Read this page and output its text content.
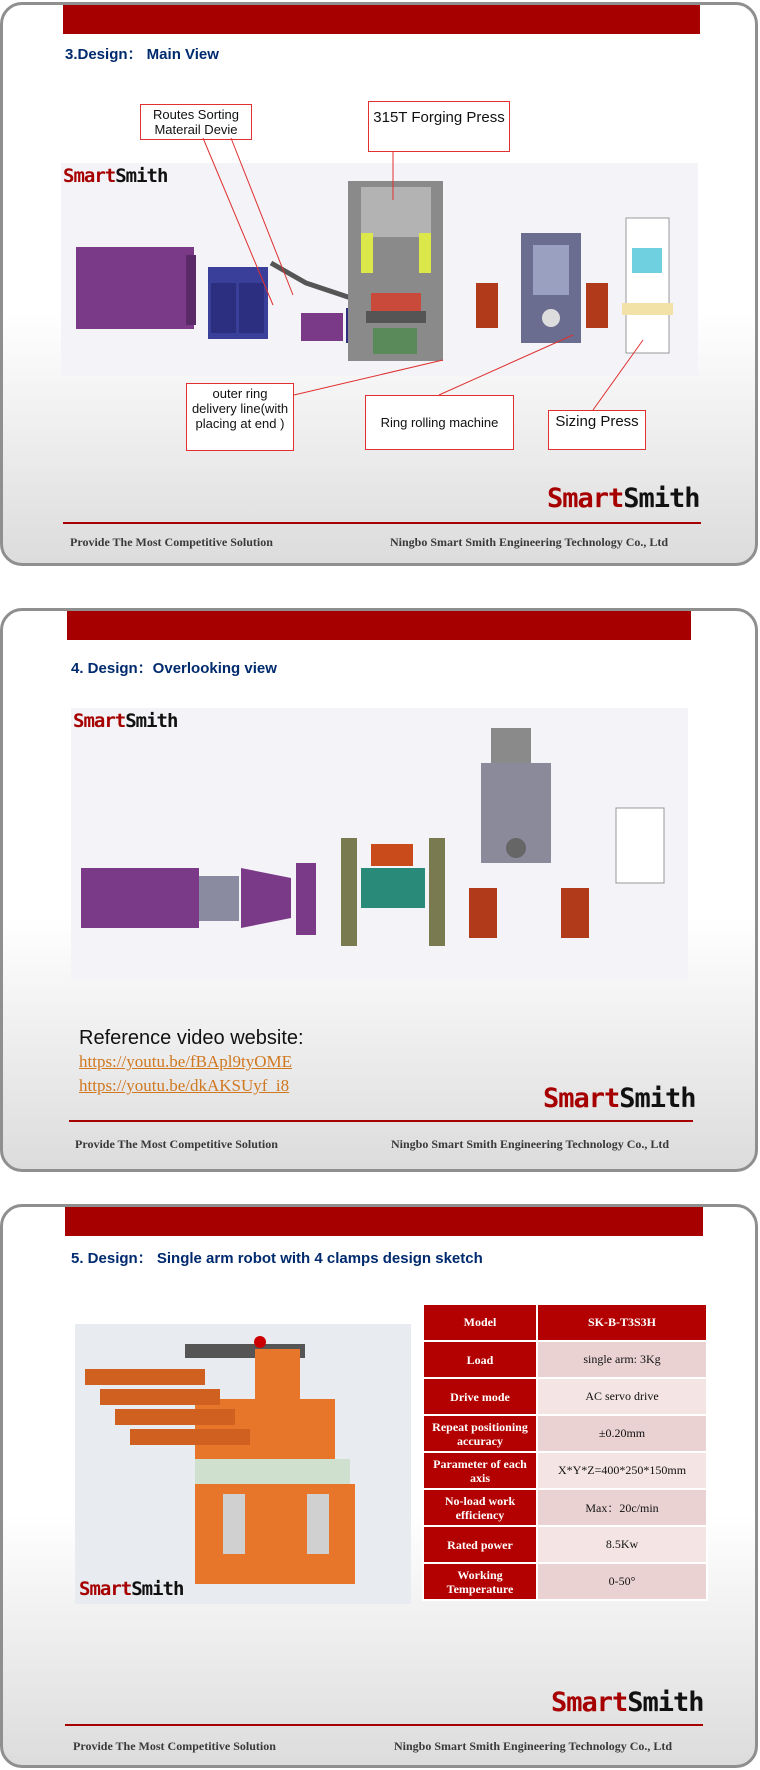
3.Design： Main View
SmartSmith
Routes Sorting Materail Devie
315T Forging Press
outer ring delivery line(with placing at end )	Ring rolling machine	Sizing Press
SmartSmith
Provide The Most Competitive Solution	Ningbo Smart Smith Engineering Technology Co., Ltd
4. Design：Overlooking view
SmartSmith
Reference video website:
https://youtu.be/fBApl9tyOME
https://youtu.be/dkAKSUyf_i8	SmartSmith
Provide The Most Competitive Solution	Ningbo Smart Smith Engineering Technology Co., Ltd
5. Design： Single arm robot with 4 clamps design sketch
SmartSmith
Model	SK-B-T3S3H
Load	single arm: 3Kg
Drive mode	AC servo drive
Repeat positioning accuracy	±0.20mm
Parameter of each axis	X*Y*Z=400*250*150mm
No-load work efficiency	Max：20c/min
Rated power	8.5Kw
Working Temperature	0-50°
SmartSmith
Provide The Most Competitive Solution	Ningbo Smart Smith Engineering Technology Co., Ltd
